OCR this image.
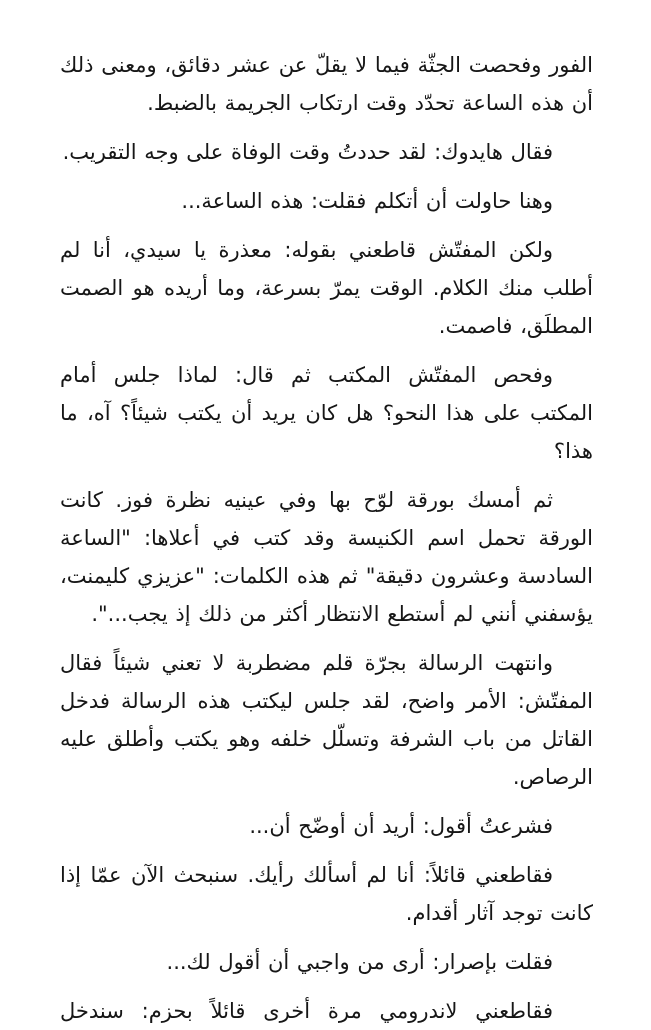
الفور وفحصت الجثّة فيما لا يقلّ عن عشر دقائق، ومعنى ذلك أن هذه الساعة تحدّد وقت ارتكاب الجريمة بالضبط.

فقال هايدوك: لقد حددتُ وقت الوفاة على وجه التقريب.

وهنا حاولت أن أتكلم فقلت: هذه الساعة...

ولكن المفتّش قاطعني بقوله: معذرة يا سيدي، أنا لم أطلب منك الكلام. الوقت يمرّ بسرعة، وما أريده هو الصمت المطلَق، فاصمت.

وفحص المفتّش المكتب ثم قال: لماذا جلس أمام المكتب على هذا النحو؟ هل كان يريد أن يكتب شيئاً؟ آه، ما هذا؟

ثم أمسك بورقة لوّح بها وفي عينيه نظرة فوز. كانت الورقة تحمل اسم الكنيسة وقد كتب في أعلاها: "الساعة السادسة وعشرون دقيقة" ثم هذه الكلمات: "عزيزي كليمنت، يؤسفني أنني لم أستطع الانتظار أكثر من ذلك إذ يجب...".

وانتهت الرسالة بجرّة قلم مضطربة لا تعني شيئاً فقال المفتّش: الأمر واضح، لقد جلس ليكتب هذه الرسالة فدخل القاتل من باب الشرفة وتسلّل خلفه وهو يكتب وأطلق عليه الرصاص.

فشرعتُ أقول: أريد أن أوضّح أن...

فقاطعني قائلاً: أنا لم أسألك رأيك. سنبحث الآن عمّا إذا كانت توجد آثار أقدام.

فقلت بإصرار: أرى من واجبي أن أقول لك...

فقاطعني لاندرومي مرة أخرى قائلاً بحزم: سندخل
